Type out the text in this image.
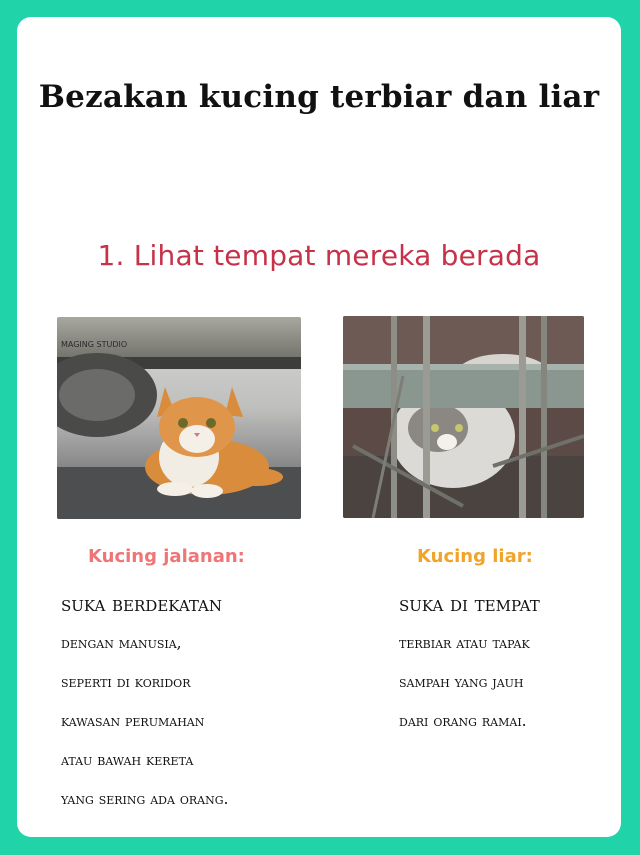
Bezakan kucing terbiar dan liar
1. Lihat tempat mereka berada
MAGING STUDIO
Kucing jalanan:	Kucing liar:
suka berdekatan
dengan manusia,
seperti di koridor
kawasan perumahan
atau bawah kereta
yang sering ada orang.
suka di tempat
terbiar atau tapak
sampah yang jauh
dari orang ramai.
